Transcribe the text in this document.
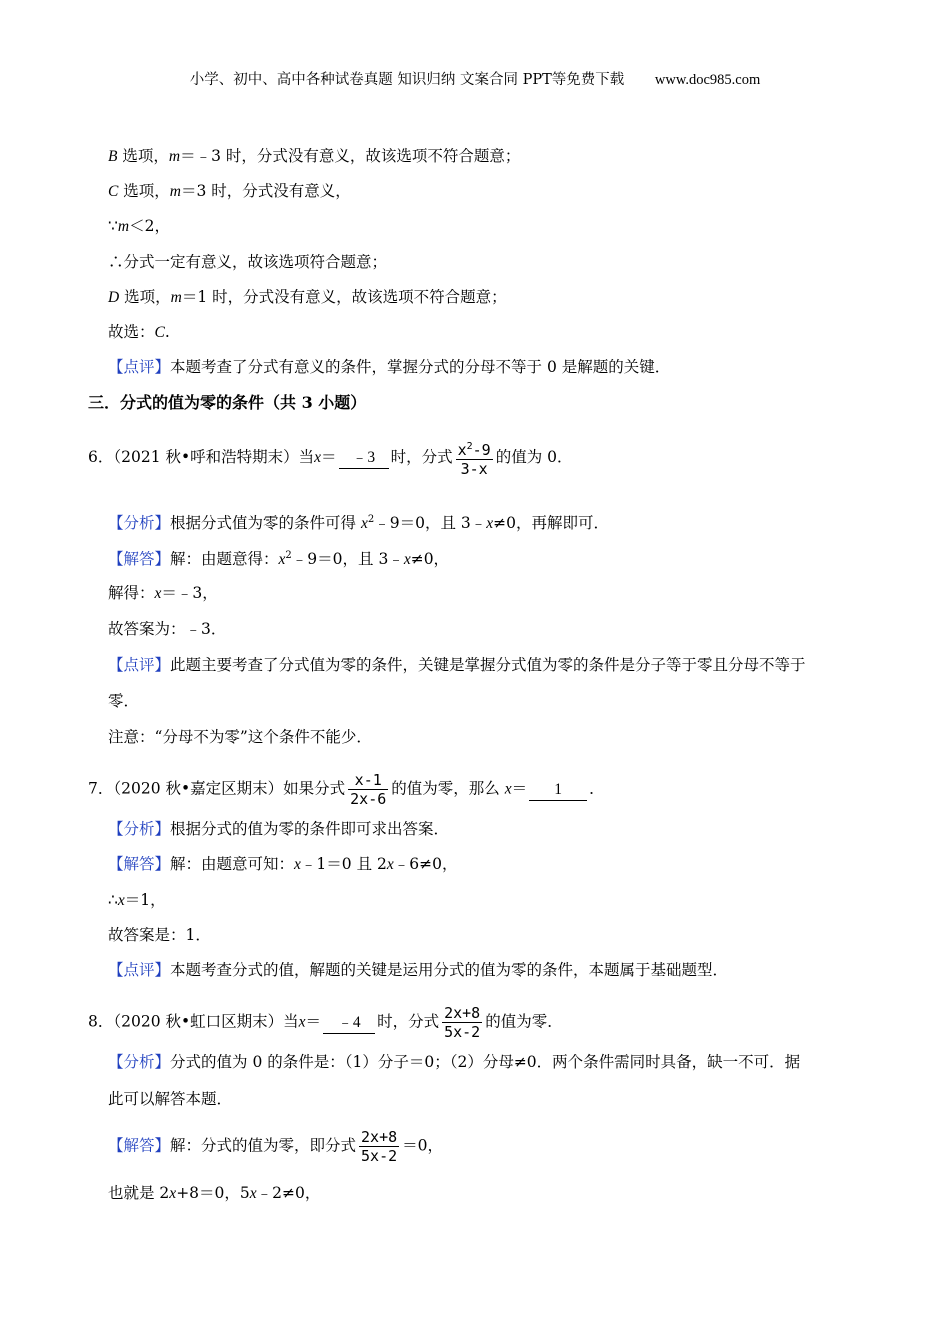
小学、初中、高中各种试卷真题 知识归纳 文案合同 PPT等免费下载 www.doc985.com
B 选项，m＝﹣3 时，分式没有意义，故该选项不符合题意；
C 选项，m＝3 时，分式没有意义，
∵m＜2，
∴分式一定有意义，故该选项符合题意；
D 选项，m＝1 时，分式没有意义，故该选项不符合题意；
故选：C.
【点评】本题考查了分式有意义的条件，掌握分式的分母不等于 0 是解题的关键．
三．分式的值为零的条件（共 3 小题）
6．（2021 秋•呼和浩特期末）当x＝ ﹣3 时，分式 $\frac{x^2-9}{3-x}$ 的值为 0．
【分析】根据分式值为零的条件可得 $x^2﹣9=0$，且 3﹣x≠0，再解即可．
【解答】解：由题意得：$x^2﹣9=0$，且 3﹣x≠0，
解得：x＝﹣3，
故答案为：﹣3．
【点评】此题主要考查了分式值为零的条件，关键是掌握分式值为零的条件是分子等于零且分母不等于
零．
注意：“分母不为零”这个条件不能少．
7．（2020 秋•嘉定区期末）如果分式 $\frac{x-1}{2x-6}$ 的值为零，那么 x＝ 1 ．
【分析】根据分式的值为零的条件即可求出答案．
【解答】解：由题意可知：x﹣1＝0 且 2x﹣6≠0，
∴x＝1，
故答案是：1．
【点评】本题考查分式的值，解题的关键是运用分式的值为零的条件，本题属于基础题型．
8．（2020 秋•虹口区期末）当x＝ ﹣4 时，分式 $\frac{2x+8}{5x-2}$ 的值为零．
【分析】分式的值为 0 的条件是：（1）分子＝0；（2）分母≠0．两个条件需同时具备，缺一不可．据
此可以解答本题．
【解答】解：分式的值为零，即分式 $\frac{2x+8}{5x-2} =0$，
也就是 2x+8＝0，5x﹣2≠0，
